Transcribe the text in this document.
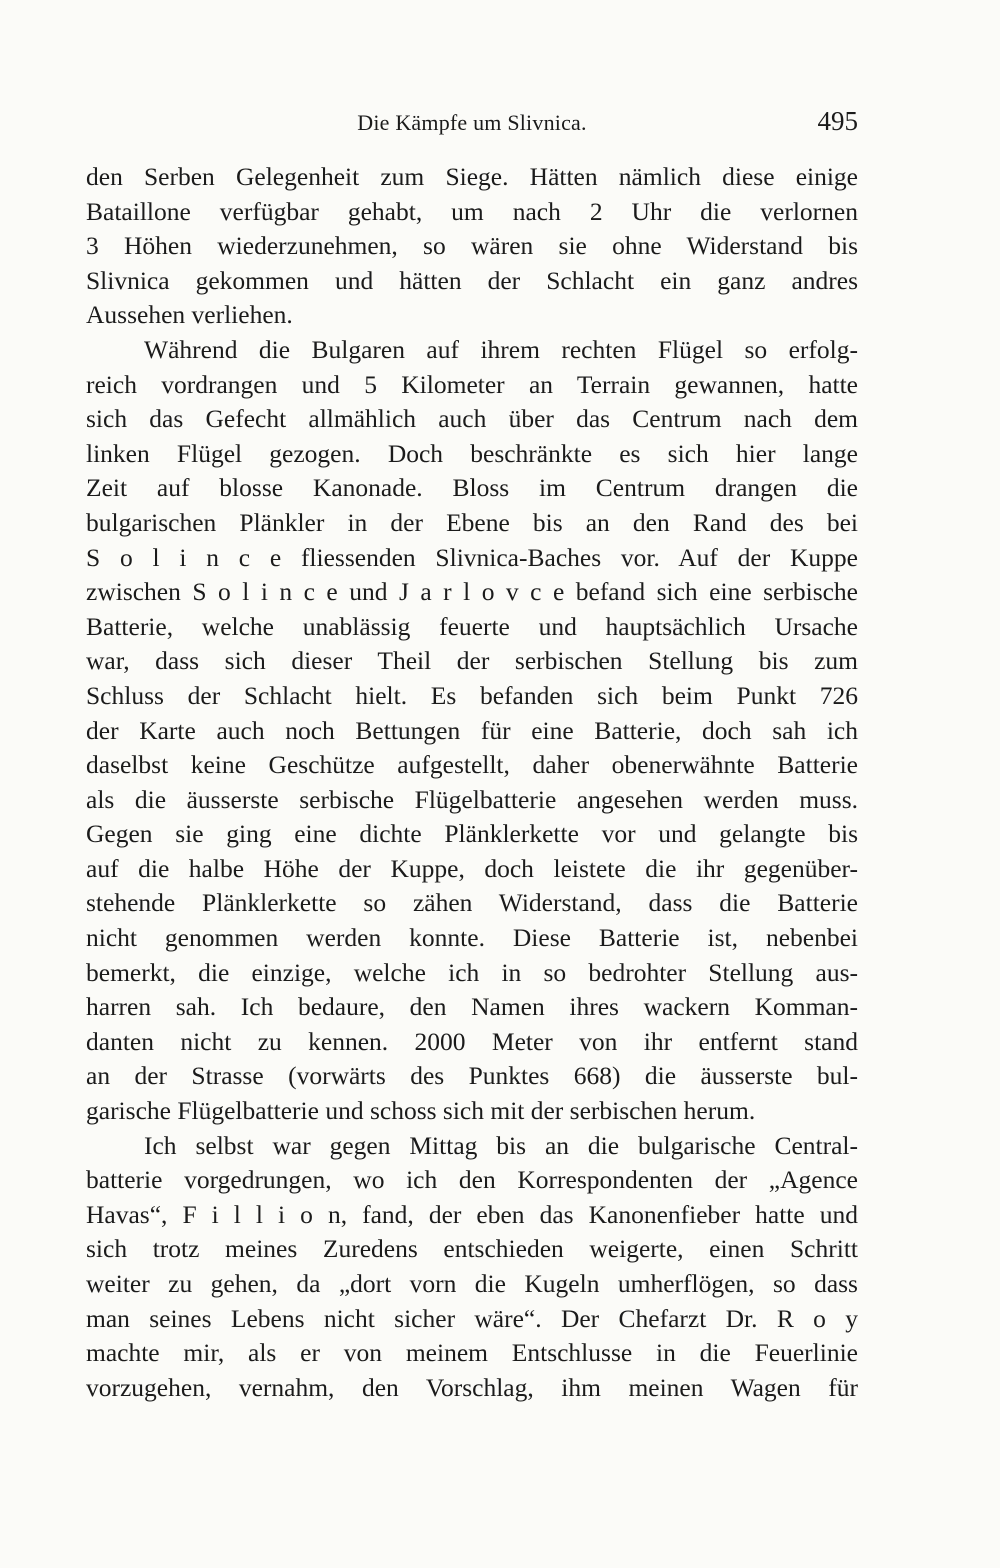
Die Kämpfe um Slivnica.	495
den Serben Gelegenheit zum Siege. Hätten nämlich diese einige
Bataillone verfügbar gehabt, um nach 2 Uhr die verlornen
3 Höhen wiederzunehmen, so wären sie ohne Widerstand bis
Slivnica gekommen und hätten der Schlacht ein ganz andres
Aussehen verliehen.
Während die Bulgaren auf ihrem rechten Flügel so erfolg-
reich vordrangen und 5 Kilometer an Terrain gewannen, hatte
sich das Gefecht allmählich auch über das Centrum nach dem
linken Flügel gezogen. Doch beschränkte es sich hier lange
Zeit auf blosse Kanonade. Bloss im Centrum drangen die
bulgarischen Plänkler in der Ebene bis an den Rand des bei
S o l i n c e fliessenden Slivnica-Baches vor. Auf der Kuppe
zwischen S o l i n c e und J a r l o v c e befand sich eine serbische
Batterie, welche unablässig feuerte und hauptsächlich Ursache
war, dass sich dieser Theil der serbischen Stellung bis zum
Schluss der Schlacht hielt. Es befanden sich beim Punkt 726
der Karte auch noch Bettungen für eine Batterie, doch sah ich
daselbst keine Geschütze aufgestellt, daher obenerwähnte Batterie
als die äusserste serbische Flügelbatterie angesehen werden muss.
Gegen sie ging eine dichte Plänklerkette vor und gelangte bis
auf die halbe Höhe der Kuppe, doch leistete die ihr gegenüber-
stehende Plänklerkette so zähen Widerstand, dass die Batterie
nicht genommen werden konnte. Diese Batterie ist, nebenbei
bemerkt, die einzige, welche ich in so bedrohter Stellung aus-
harren sah. Ich bedaure, den Namen ihres wackern Komman-
danten nicht zu kennen. 2000 Meter von ihr entfernt stand
an der Strasse (vorwärts des Punktes 668) die äusserste bul-
garische Flügelbatterie und schoss sich mit der serbischen herum.
Ich selbst war gegen Mittag bis an die bulgarische Central-
batterie vorgedrungen, wo ich den Korrespondenten der „Agence
Havas“, F i l l i o n, fand, der eben das Kanonenfieber hatte und
sich trotz meines Zuredens entschieden weigerte, einen Schritt
weiter zu gehen, da „dort vorn die Kugeln umherflögen, so dass
man seines Lebens nicht sicher wäre“. Der Chefarzt Dr. R o y
machte mir, als er von meinem Entschlusse in die Feuerlinie
vorzugehen, vernahm, den Vorschlag, ihm meinen Wagen für
